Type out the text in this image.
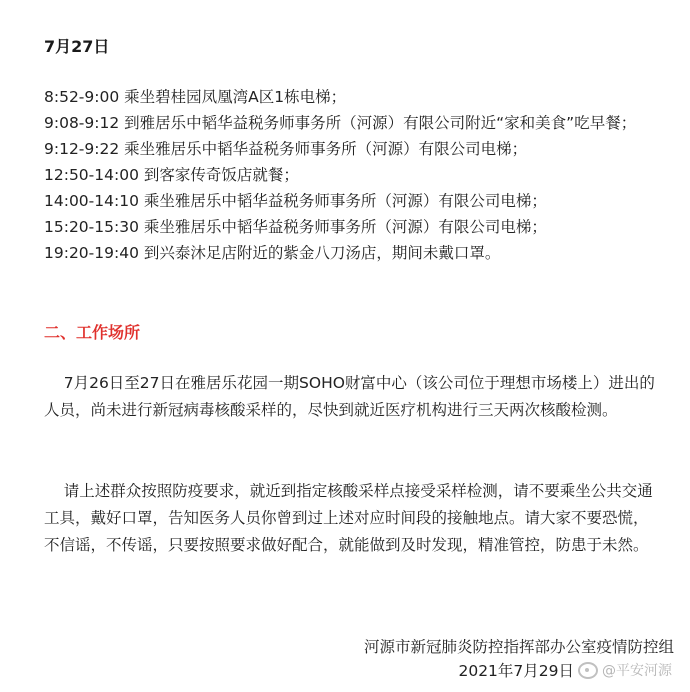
7月27日

8:52-9:00 乘坐碧桂园凤凰湾A区1栋电梯；

9:08-9:12 到雅居乐中韬华益税务师事务所（河源）有限公司附近“家和美食”吃早餐；

9:12-9:22 乘坐雅居乐中韬华益税务师事务所（河源）有限公司电梯；

12:50-14:00 到客家传奇饭店就餐；

14:00-14:10 乘坐雅居乐中韬华益税务师事务所（河源）有限公司电梯；

15:20-15:30 乘坐雅居乐中韬华益税务师事务所（河源）有限公司电梯；

19:20-19:40 到兴泰沐足店附近的紫金八刀汤店，期间未戴口罩。

二、工作场所

7月26日至27日在雅居乐花园一期SOHO财富中心（该公司位于理想市场楼上）进出的人员，尚未进行新冠病毒核酸采样的，尽快到就近医疗机构进行三天两次核酸检测。

请上述群众按照防疫要求，就近到指定核酸采样点接受采样检测，请不要乘坐公共交通工具，戴好口罩，告知医务人员你曾到过上述对应时间段的接触地点。请大家不要恐慌，不信谣，不传谣，只要按照要求做好配合，就能做到及时发现，精准管控，防患于未然。

河源市新冠肺炎防控指挥部办公室疫情防控组
2021年7月29日 @平安河源
